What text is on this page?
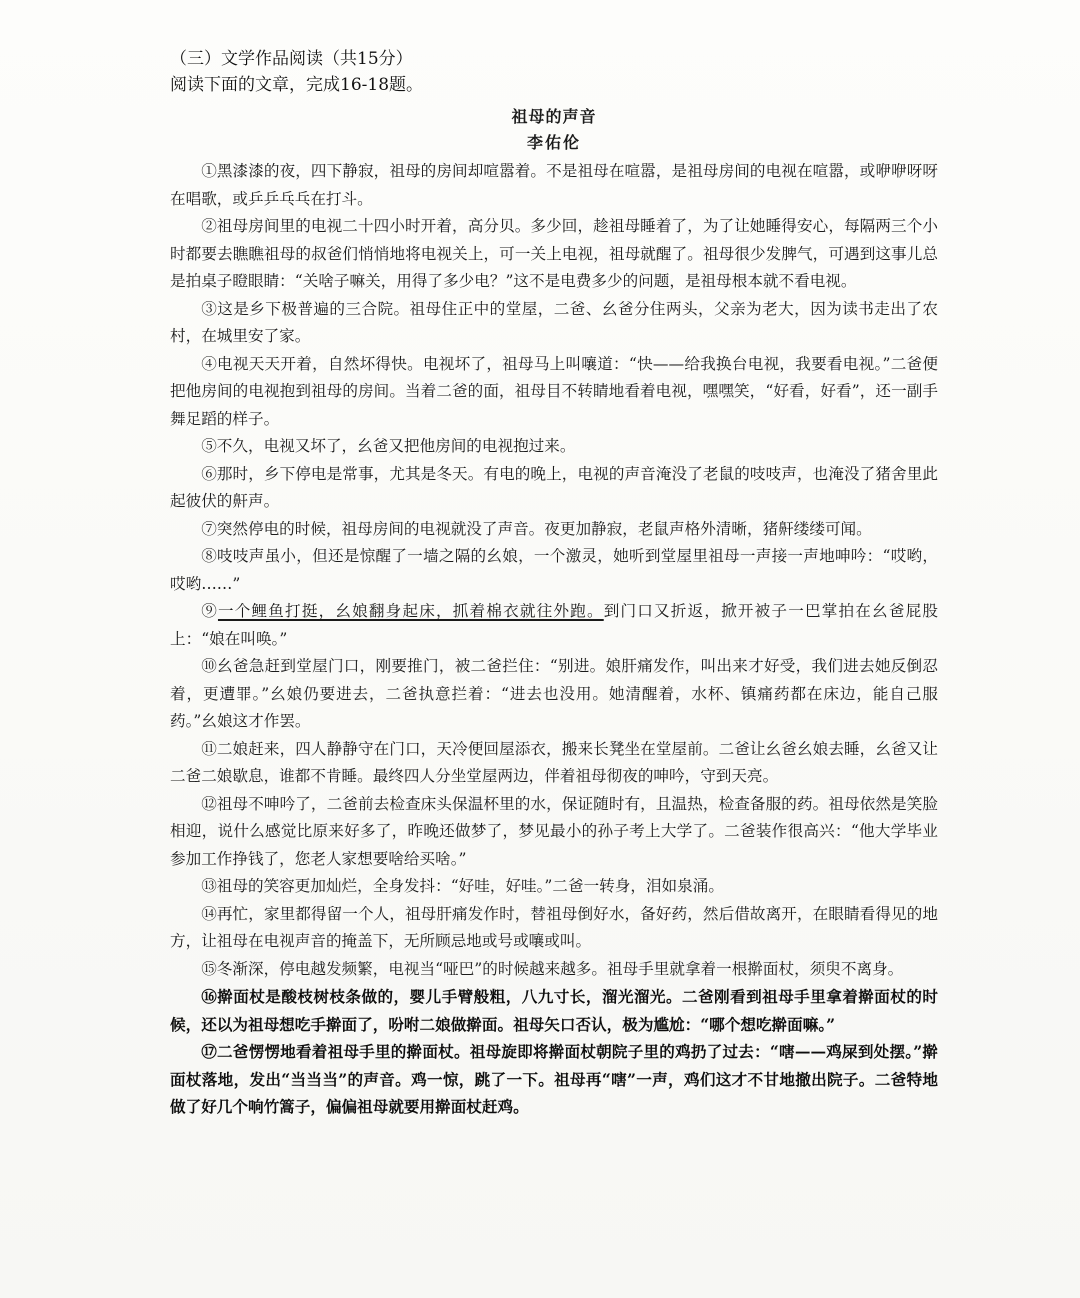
（三）文学作品阅读（共15分）

阅读下面的文章，完成16-18题。

祖母的声音

李佑伦

①黑漆漆的夜，四下静寂，祖母的房间却喧嚣着。不是祖母在喧嚣，是祖母房间的电视在喧嚣，或咿咿呀呀在唱歌，或乒乒乓乓在打斗。

②祖母房间里的电视二十四小时开着，高分贝。多少回，趁祖母睡着了，为了让她睡得安心，每隔两三个小时都要去瞧瞧祖母的叔爸们悄悄地将电视关上，可一关上电视，祖母就醒了。祖母很少发脾气，可遇到这事儿总是拍桌子瞪眼睛：“关啥子嘛关，用得了多少电？”这不是电费多少的问题，是祖母根本就不看电视。

③这是乡下极普遍的三合院。祖母住正中的堂屋，二爸、幺爸分住两头，父亲为老大，因为读书走出了农村，在城里安了家。

④电视天天开着，自然坏得快。电视坏了，祖母马上叫嚷道：“快——给我换台电视，我要看电视。”二爸便把他房间的电视抱到祖母的房间。当着二爸的面，祖母目不转睛地看着电视，嘿嘿笑，“好看，好看”，还一副手舞足蹈的样子。

⑤不久，电视又坏了，幺爸又把他房间的电视抱过来。

⑥那时，乡下停电是常事，尤其是冬天。有电的晚上，电视的声音淹没了老鼠的吱吱声，也淹没了猪舍里此起彼伏的鼾声。

⑦突然停电的时候，祖母房间的电视就没了声音。夜更加静寂，老鼠声格外清晰，猪鼾缕缕可闻。

⑧吱吱声虽小，但还是惊醒了一墙之隔的幺娘，一个激灵，她听到堂屋里祖母一声接一声地呻吟：“哎哟，哎哟……”

⑨一个鲤鱼打挺，幺娘翻身起床，抓着棉衣就往外跑。到门口又折返，掀开被子一巴掌拍在幺爸屁股上：“娘在叫唤。”

⑩幺爸急赶到堂屋门口，刚要推门，被二爸拦住：“别进。娘肝痛发作，叫出来才好受，我们进去她反倒忍着，更遭罪。”幺娘仍要进去，二爸执意拦着：“进去也没用。她清醒着，水杯、镇痛药都在床边，能自己服药。”幺娘这才作罢。

⑪二娘赶来，四人静静守在门口，天冷便回屋添衣，搬来长凳坐在堂屋前。二爸让幺爸幺娘去睡，幺爸又让二爸二娘歇息，谁都不肯睡。最终四人分坐堂屋两边，伴着祖母彻夜的呻吟，守到天亮。

⑫祖母不呻吟了，二爸前去检查床头保温杯里的水，保证随时有，且温热，检查备服的药。祖母依然是笑脸相迎，说什么感觉比原来好多了，昨晚还做梦了，梦见最小的孙子考上大学了。二爸装作很高兴：“他大学毕业参加工作挣钱了，您老人家想要啥给买啥。”

⑬祖母的笑容更加灿烂，全身发抖：“好哇，好哇。”二爸一转身，泪如泉涌。

⑭再忙，家里都得留一个人，祖母肝痛发作时，替祖母倒好水，备好药，然后借故离开，在眼睛看得见的地方，让祖母在电视声音的掩盖下，无所顾忌地或号或嚷或叫。

⑮冬渐深，停电越发频繁，电视当“哑巴”的时候越来越多。祖母手里就拿着一根擀面杖，须臾不离身。

⑯擀面杖是酸枝树枝条做的，婴儿手臂般粗，八九寸长，溜光溜光。二爸刚看到祖母手里拿着擀面杖的时候，还以为祖母想吃手擀面了，吩咐二娘做擀面。祖母矢口否认，极为尴尬：“哪个想吃擀面嘛。”

⑰二爸愣愣地看着祖母手里的擀面杖。祖母旋即将擀面杖朝院子里的鸡扔了过去：“嗐——鸡屎到处摆。”擀面杖落地，发出“当当当”的声音。鸡一惊，跳了一下。祖母再“嗐”一声，鸡们这才不甘地撤出院子。二爸特地做了好几个响竹篙子，偏偏祖母就要用擀面杖赶鸡。
